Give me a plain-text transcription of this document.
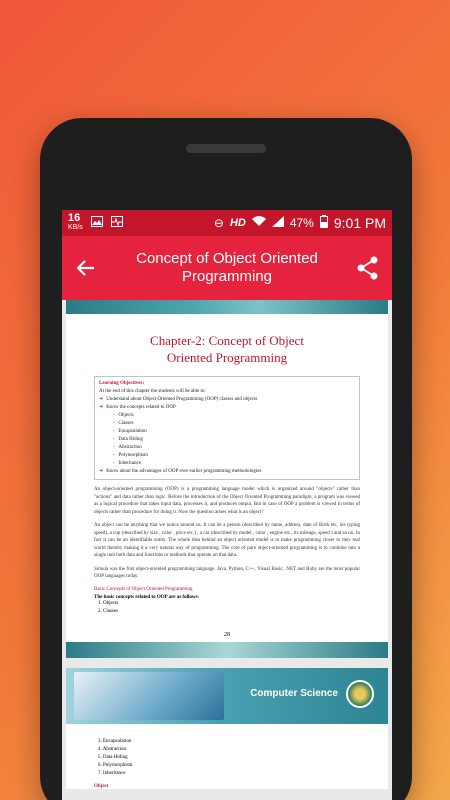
16
KB/s	⊖ HD	47% 9:01 PM
Concept of Object Oriented Programming
Chapter-2: Concept of Object
Oriented Programming
Learning Objectives:
At the end of this chapter the students will be able to:
➔ Understand about Object Oriented Programming (OOP) classes and objects
➔ Know the concepts related to OOP
-   Objects
-   Classes
-   Encapsulation
-   Data Hiding
-   Abstraction
-   Polymorphism
-   Inheritance
➔ Know about the advantages of OOP over earlier programming methodologies

An object-oriented programming (OOP) is a programming language model which is organized around "objects" rather than "actions" and data rather than logic. Before the introduction of the Object Oriented Programming paradigm, a program was viewed as a logical procedure that takes input data, processes it, and produces output. But in case of OOP a problem is viewed in terms of objects rather than procedure for doing it. Now the question arises what is an object?

An object can be anything that we notice around us. It can be a person (described by name, address, date of Birth etc, his typing speed), a cup (described by size , color , price etc.) , a car (described by model , color , engine etc., its mileage, speed ) and so on. In fact it can be an identifiable entity. The whole idea behind an object oriented model is to make programming closer to they real world thereby making it a very natural way of programming. The core of pure object-oriented programming is to combine into a single unit both data and functions or methods that operate on that data.

Simula was the first object-oriented programming language. Java, Python, C++, Visual Basic, .NET and Ruby are the most popular OOP languages today.

Basic Concepts of Object Oriented Programming
The basic concepts related to OOP are as follows:
1. Objects
2. Classes
28
Computer Science
3. Encapsulation
4. Abstraction
5. Data Hiding
6. Polymorphism
7. Inheritance
Object
